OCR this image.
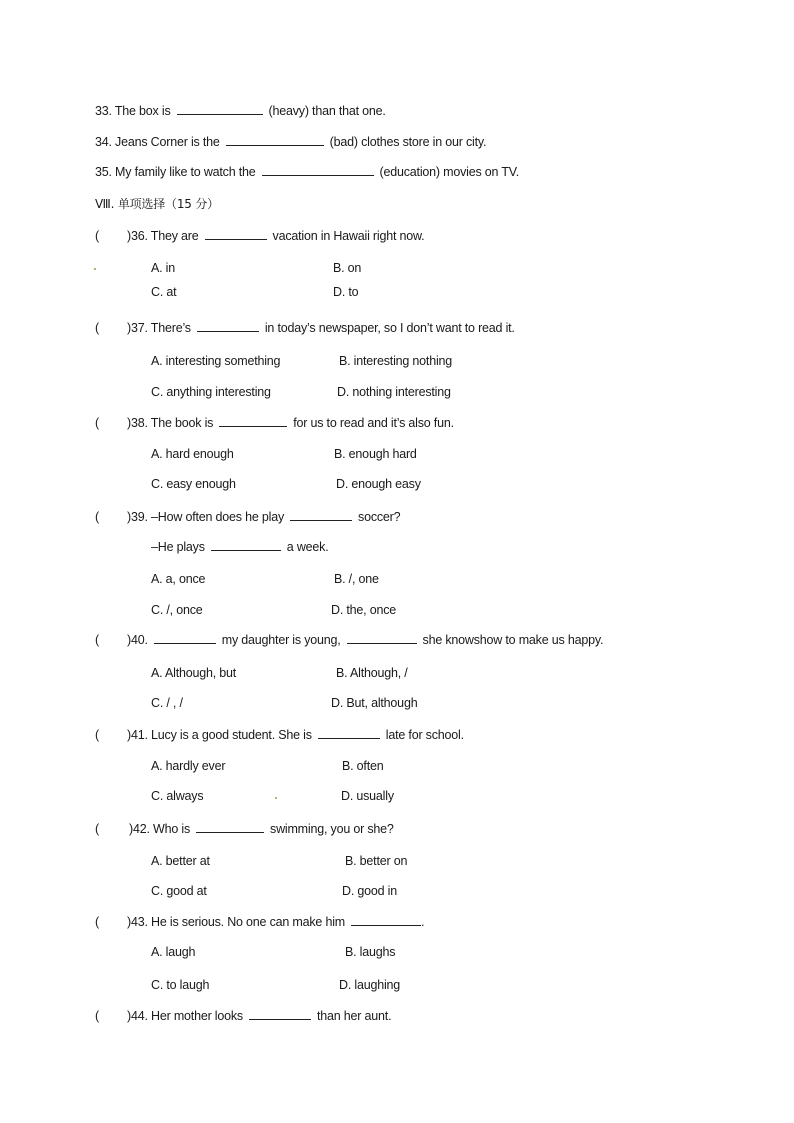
33. The box is	(heavy) than that one.
34. Jeans Corner is the	(bad) clothes store in our city.
35. My family like to watch the	(education) movies on TV.
Ⅷ. 单项选择（15 分）
( )36. They are	vacation in Hawaii right now.
A. in	B. on
C. at	D. to
( )37. There’s	in today’s newspaper, so I don’t want to read it.
A. interesting something	B. interesting nothing
C. anything interesting	D. nothing interesting
( )38. The book is	for us to read and it’s also fun.
A. hard enough	B. enough hard
C. easy enough	D. enough easy
( )39. –How often does he play	soccer?
–He plays	a week.
A. a, once	B. /, one
C. /, once	D. the, once
( )40.	my daughter is young,	she knowshow to make us happy.
A. Although, but	B. Although, /
C. / , /	D. But, although
( )41. Lucy is a good student. She is	late for school.
A. hardly ever	B. often
C. always	D. usually
( )42. Who is	swimming, you or she?
A. better at	B. better on
C. good at	D. good in
( )43. He is serious. No one can make him	.
A. laugh	B. laughs
C. to laugh	D. laughing
( )44. Her mother looks	than her aunt.
